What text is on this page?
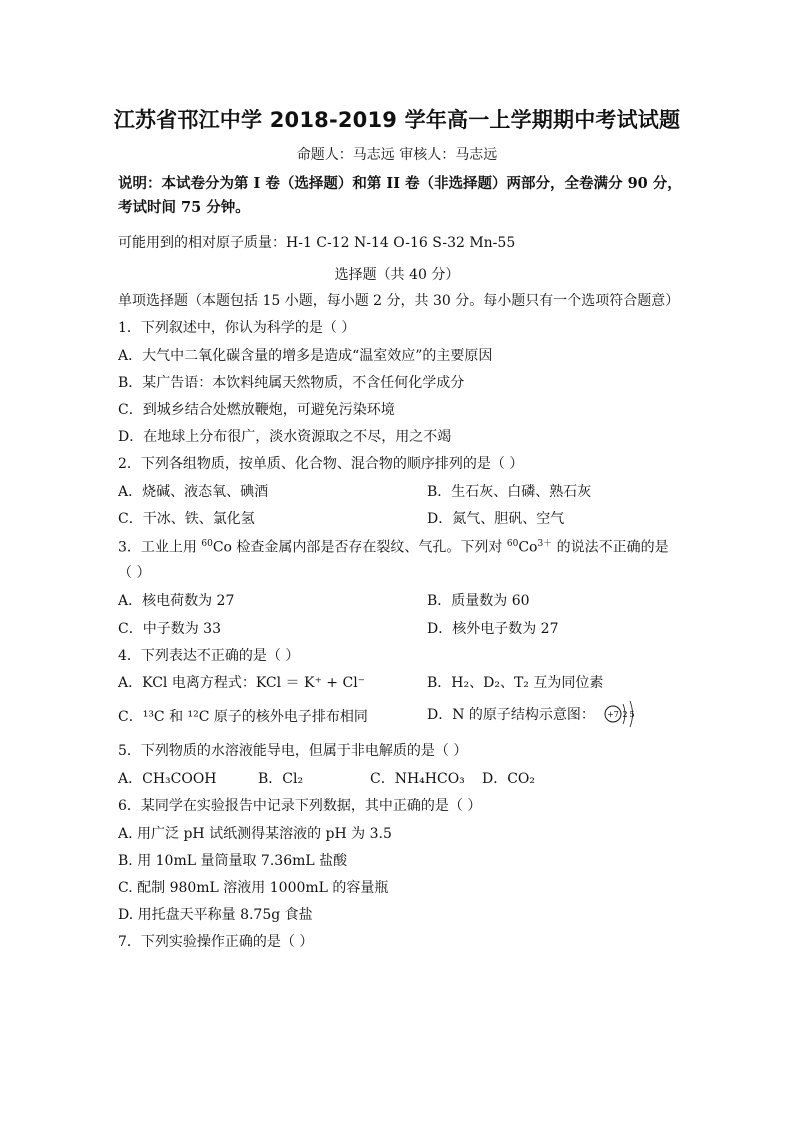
江苏省邗江中学 2018-2019 学年高一上学期期中考试试题
命题人：马志远 审核人：马志远
说明：本试卷分为第 I 卷（选择题）和第 II 卷（非选择题）两部分，全卷满分 90 分，考试时间 75 分钟。
可能用到的相对原子质量：H-1 C-12 N-14 O-16 S-32 Mn-55
选择题（共 40 分）
单项选择题（本题包括 15 小题，每小题 2 分，共 30 分。每小题只有一个选项符合题意）
1．下列叙述中，你认为科学的是（ ）
A．大气中二氧化碳含量的增多是造成“温室效应”的主要原因
B．某广告语：本饮料纯属天然物质，不含任何化学成分
C．到城乡结合处燃放鞭炮，可避免污染环境
D．在地球上分布很广，淡水资源取之不尽，用之不竭
2．下列各组物质，按单质、化合物、混合物的顺序排列的是（ ）
A．烧碱、液态氧、碘酒	B．生石灰、白磷、熟石灰
C．干冰、铁、氯化氢	D．氮气、胆矾、空气
3．工业上用 $^{60}$Co 检查金属内部是否存在裂纹、气孔。下列对 $^{60}Co^{3+}$ 的说法不正确的是
（ ）
A．核电荷数为 27	B．质量数为 60
C．中子数为 33	D．核外电子数为 27
4．下列表达不正确的是（ ）
A．KCl 电离方程式：KCl ＝ K⁺ + Cl⁻	B．H₂、D₂、T₂ 互为同位素
C．¹³C 和 ¹²C 原子的核外电子排布相同	D．N 的原子结构示意图： +7 2 5
5．下列物质的水溶液能导电，但属于非电解质的是（ ）
A．CH₃COOH	B．Cl₂	C．NH₄HCO₃ D．CO₂
6．某同学在实验报告中记录下列数据，其中正确的是（ ）
A. 用广泛 pH 试纸测得某溶液的 pH 为 3.5
B. 用 10mL 量筒量取 7.36mL 盐酸
C. 配制 980mL 溶液用 1000mL 的容量瓶
D. 用托盘天平称量 8.75g 食盐
7．下列实验操作正确的是（ ）
